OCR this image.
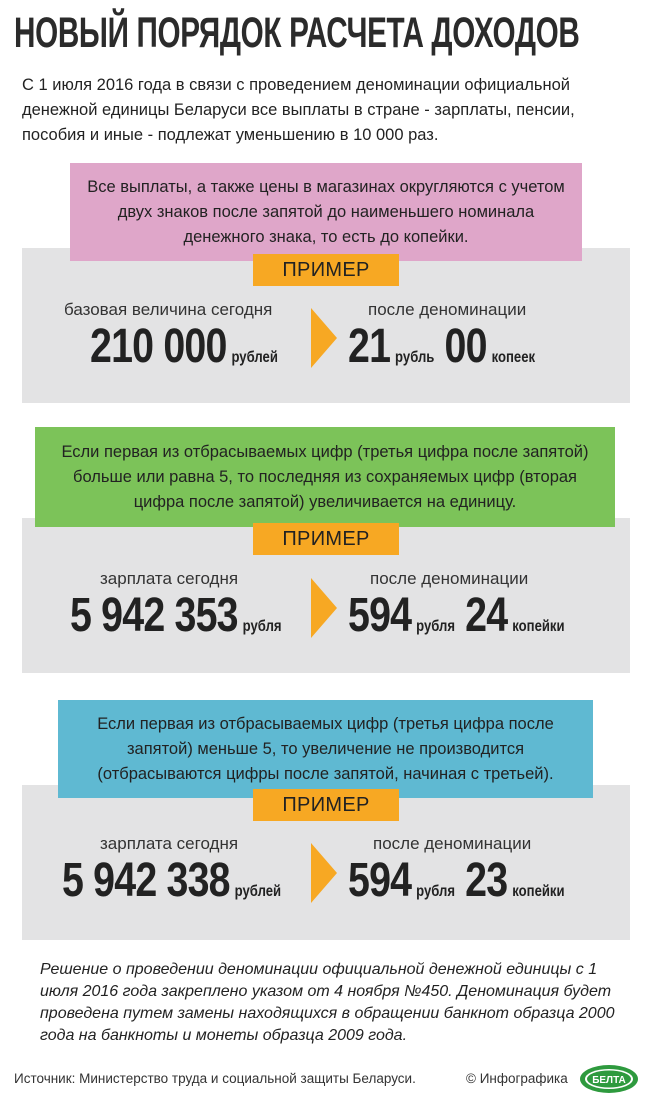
НОВЫЙ ПОРЯДОК РАСЧЕТА ДОХОДОВ
С 1 июля 2016 года в связи с проведением деноминации официальной денежной единицы Беларуси все выплаты в стране - зарплаты, пенсии, пособия и иные - подлежат уменьшению в 10 000 раз.
Все выплаты, а также цены в магазинах округляются с учетом двух знаков после запятой до наименьшего номинала денежного знака, то есть до копейки.
ПРИМЕР
базовая величина сегодня
210 000 рублей
после деноминации
21 рубль 00 копеек
Если первая из отбрасываемых цифр (третья цифра после запятой) больше или равна 5, то последняя из сохраняемых цифр (вторая цифра после запятой) увеличивается на единицу.
ПРИМЕР
зарплата сегодня
5 942 353 рубля
после деноминации
594 рубля 24 копейки
Если первая из отбрасываемых цифр (третья цифра после запятой) меньше 5, то увеличение не производится (отбрасываются цифры после запятой, начиная с третьей).
ПРИМЕР
зарплата сегодня
5 942 338 рублей
после деноминации
594 рубля 23 копейки
Решение о проведении деноминации официальной денежной единицы с 1 июля 2016 года закреплено указом от 4 ноября №450. Деноминация будет проведена путем замены находящихся в обращении банкнот образца 2000 года на банкноты и монеты образца 2009 года.
Источник: Министерство труда и социальной защиты Беларуси.	© Инфографика БЕЛТА
